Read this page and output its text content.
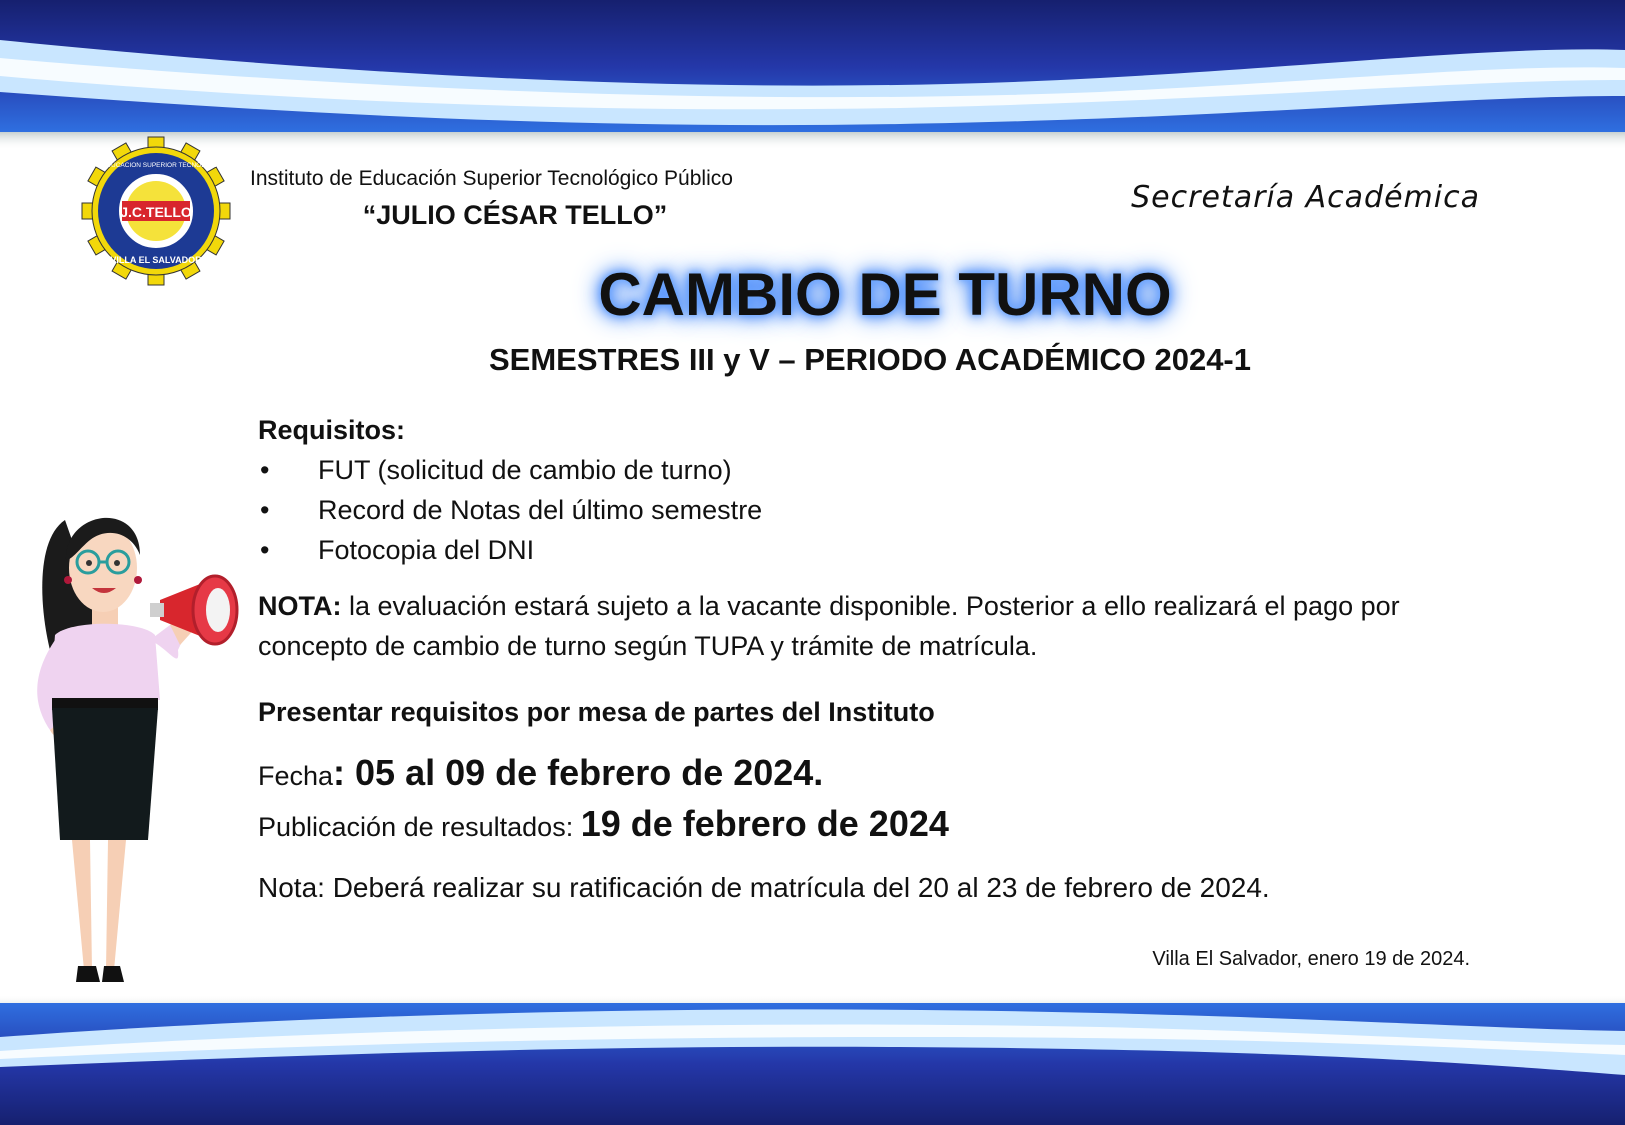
J.C.TELLO
INSTITUTO DE EDUCACION SUPERIOR TECNOLOGICO PUBLICO
VILLA EL SALVADOR
Instituto de Educación Superior Tecnológico Público
“JULIO CÉSAR TELLO”	Secretaría Académica
CAMBIO DE TURNO
SEMESTRES III y V – PERIODO ACADÉMICO 2024-1
Requisitos:
• FUT (solicitud de cambio de turno)
• Record de Notas del último semestre
• Fotocopia del DNI
NOTA: la evaluación estará sujeto a la vacante disponible. Posterior a ello realizará el pago por concepto de cambio de turno según TUPA y trámite de matrícula.
Presentar requisitos por mesa de partes del Instituto
Fecha: 05 al 09 de febrero de 2024.
Publicación de resultados: 19 de febrero de 2024
Nota: Deberá realizar su ratificación de matrícula del 20 al 23 de febrero de 2024.
Villa El Salvador, enero 19 de 2024.
